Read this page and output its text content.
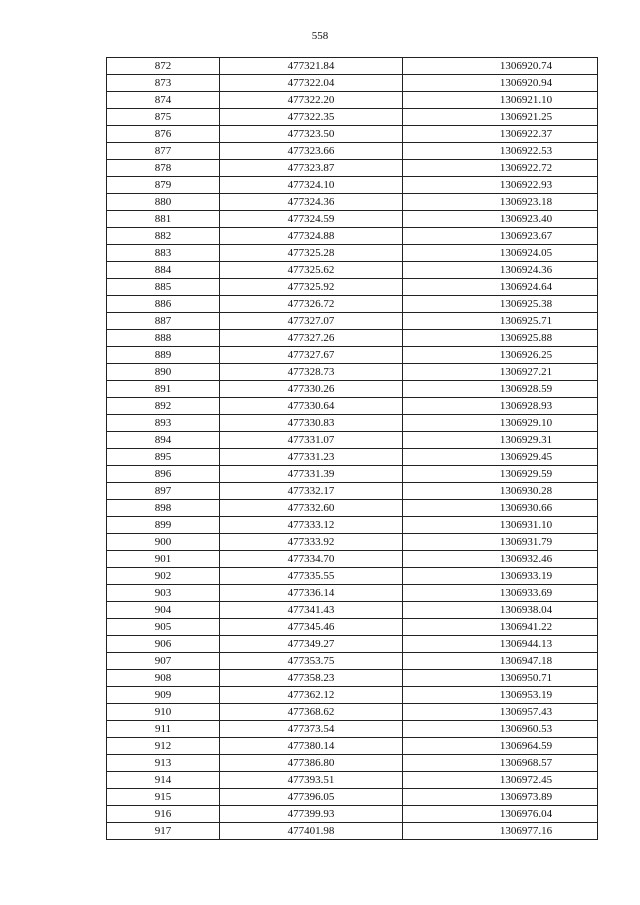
558
872	477321.84	1306920.74
873	477322.04	1306920.94
874	477322.20	1306921.10
875	477322.35	1306921.25
876	477323.50	1306922.37
877	477323.66	1306922.53
878	477323.87	1306922.72
879	477324.10	1306922.93
880	477324.36	1306923.18
881	477324.59	1306923.40
882	477324.88	1306923.67
883	477325.28	1306924.05
884	477325.62	1306924.36
885	477325.92	1306924.64
886	477326.72	1306925.38
887	477327.07	1306925.71
888	477327.26	1306925.88
889	477327.67	1306926.25
890	477328.73	1306927.21
891	477330.26	1306928.59
892	477330.64	1306928.93
893	477330.83	1306929.10
894	477331.07	1306929.31
895	477331.23	1306929.45
896	477331.39	1306929.59
897	477332.17	1306930.28
898	477332.60	1306930.66
899	477333.12	1306931.10
900	477333.92	1306931.79
901	477334.70	1306932.46
902	477335.55	1306933.19
903	477336.14	1306933.69
904	477341.43	1306938.04
905	477345.46	1306941.22
906	477349.27	1306944.13
907	477353.75	1306947.18
908	477358.23	1306950.71
909	477362.12	1306953.19
910	477368.62	1306957.43
911	477373.54	1306960.53
912	477380.14	1306964.59
913	477386.80	1306968.57
914	477393.51	1306972.45
915	477396.05	1306973.89
916	477399.93	1306976.04
917	477401.98	1306977.16
